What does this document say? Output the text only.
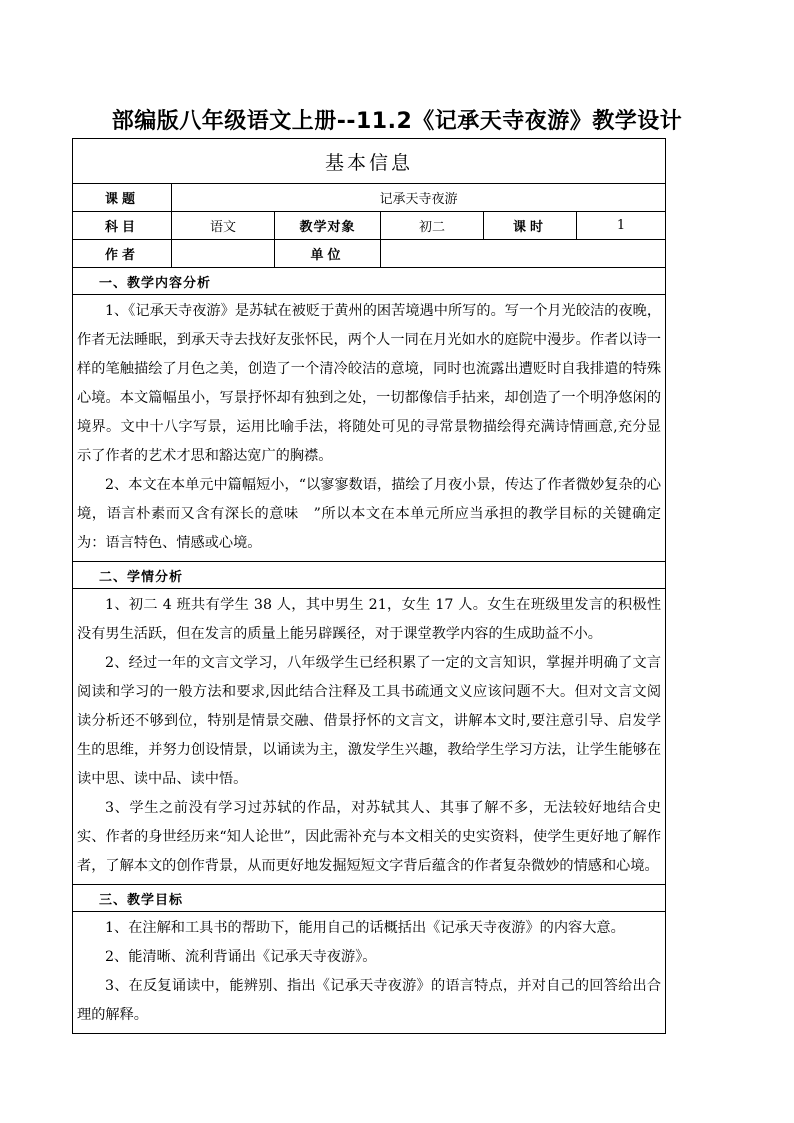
部编版八年级语文上册--11.2《记承天寺夜游》教学设计
基本信息					
课题	记承天寺夜游				
科目	语文	教学对象	初二	课时	1
作者		单位			
一、教学内容分析					

1、《记承天寺夜游》是苏轼在被贬于黄州的困苦境遇中所写的。写一个月光皎洁的夜晚，作者无法睡眠，到承天寺去找好友张怀民，两个人一同在月光如水的庭院中漫步。作者以诗一样的笔触描绘了月色之美，创造了一个清冷皎洁的意境，同时也流露出遭贬时自我排遣的特殊心境。本文篇幅虽小，写景抒怀却有独到之处，一切都像信手拈来，却创造了一个明净悠闲的境界。文中十八字写景，运用比喻手法，将随处可见的寻常景物描绘得充满诗情画意,充分显示了作者的艺术才思和豁达宽广的胸襟。

2、本文在本单元中篇幅短小，“以寥寥数语，描绘了月夜小景，传达了作者微妙复杂的心境，语言朴素而又含有深长的意味　”所以本文在本单元所应当承担的教学目标的关键确定为：语言特色、情感或心境。					

二、学情分析					

1、初二 4 班共有学生 38 人，其中男生 21，女生 17 人。女生在班级里发言的积极性没有男生活跃，但在发言的质量上能另辟蹊径，对于课堂教学内容的生成助益不小。

2、经过一年的文言文学习，八年级学生已经积累了一定的文言知识，掌握并明确了文言阅读和学习的一般方法和要求,因此结合注释及工具书疏通文义应该问题不大。但对文言文阅读分析还不够到位，特别是情景交融、借景抒怀的文言文，讲解本文时,要注意引导、启发学生的思维，并努力创设情景，以诵读为主，激发学生兴趣，教给学生学习方法，让学生能够在读中思、读中品、读中悟。

3、学生之前没有学习过苏轼的作品，对苏轼其人、其事了解不多，无法较好地结合史实、作者的身世经历来“知人论世”，因此需补充与本文相关的史实资料，使学生更好地了解作者，了解本文的创作背景，从而更好地发掘短短文字背后蕴含的作者复杂微妙的情感和心境。					

三、教学目标					

1、在注解和工具书的帮助下，能用自己的话概括出《记承天寺夜游》的内容大意。

2、能清晰、流利背诵出《记承天寺夜游》。

3、在反复诵读中，能辨别、指出《记承天寺夜游》的语言特点，并对自己的回答给出合理的解释。					
